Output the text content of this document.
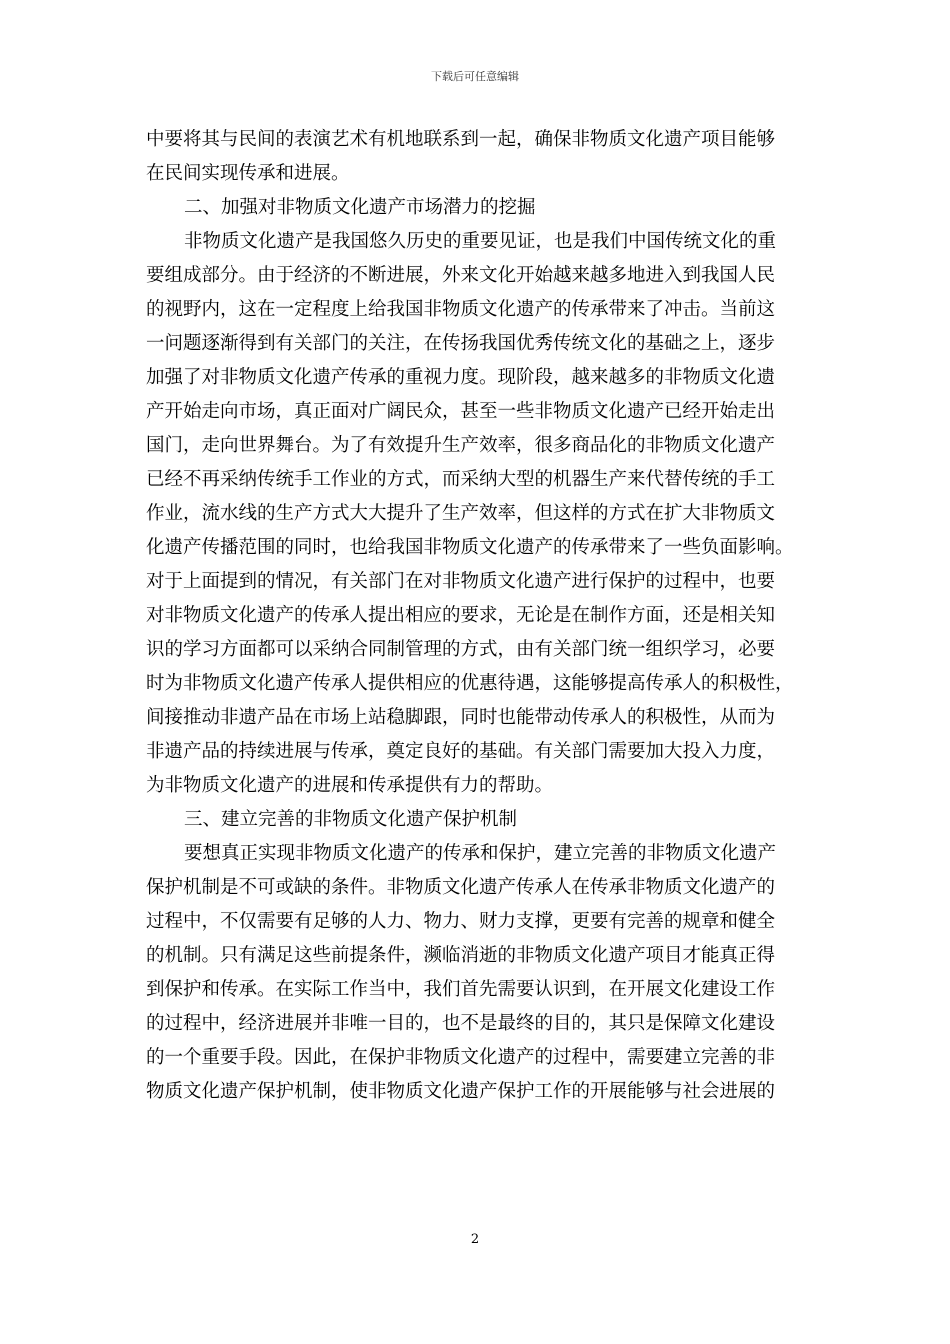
下载后可任意编辑
中要将其与民间的表演艺术有机地联系到一起，确保非物质文化遗产项目能够
在民间实现传承和进展。
二、加强对非物质文化遗产市场潜力的挖掘
非物质文化遗产是我国悠久历史的重要见证，也是我们中国传统文化的重
要组成部分。由于经济的不断进展，外来文化开始越来越多地进入到我国人民
的视野内，这在一定程度上给我国非物质文化遗产的传承带来了冲击。当前这
一问题逐渐得到有关部门的关注，在传扬我国优秀传统文化的基础之上，逐步
加强了对非物质文化遗产传承的重视力度。现阶段，越来越多的非物质文化遗
产开始走向市场，真正面对广阔民众，甚至一些非物质文化遗产已经开始走出
国门，走向世界舞台。为了有效提升生产效率，很多商品化的非物质文化遗产
已经不再采纳传统手工作业的方式，而采纳大型的机器生产来代替传统的手工
作业，流水线的生产方式大大提升了生产效率，但这样的方式在扩大非物质文
化遗产传播范围的同时，也给我国非物质文化遗产的传承带来了一些负面影响。
对于上面提到的情况，有关部门在对非物质文化遗产进行保护的过程中，也要
对非物质文化遗产的传承人提出相应的要求，无论是在制作方面，还是相关知
识的学习方面都可以采纳合同制管理的方式，由有关部门统一组织学习，必要
时为非物质文化遗产传承人提供相应的优惠待遇，这能够提高传承人的积极性，
间接推动非遗产品在市场上站稳脚跟，同时也能带动传承人的积极性，从而为
非遗产品的持续进展与传承，奠定良好的基础。有关部门需要加大投入力度，
为非物质文化遗产的进展和传承提供有力的帮助。
三、建立完善的非物质文化遗产保护机制
要想真正实现非物质文化遗产的传承和保护，建立完善的非物质文化遗产
保护机制是不可或缺的条件。非物质文化遗产传承人在传承非物质文化遗产的
过程中，不仅需要有足够的人力、物力、财力支撑，更要有完善的规章和健全
的机制。只有满足这些前提条件，濒临消逝的非物质文化遗产项目才能真正得
到保护和传承。在实际工作当中，我们首先需要认识到，在开展文化建设工作
的过程中，经济进展并非唯一目的，也不是最终的目的，其只是保障文化建设
的一个重要手段。因此，在保护非物质文化遗产的过程中，需要建立完善的非
物质文化遗产保护机制，使非物质文化遗产保护工作的开展能够与社会进展的
2
